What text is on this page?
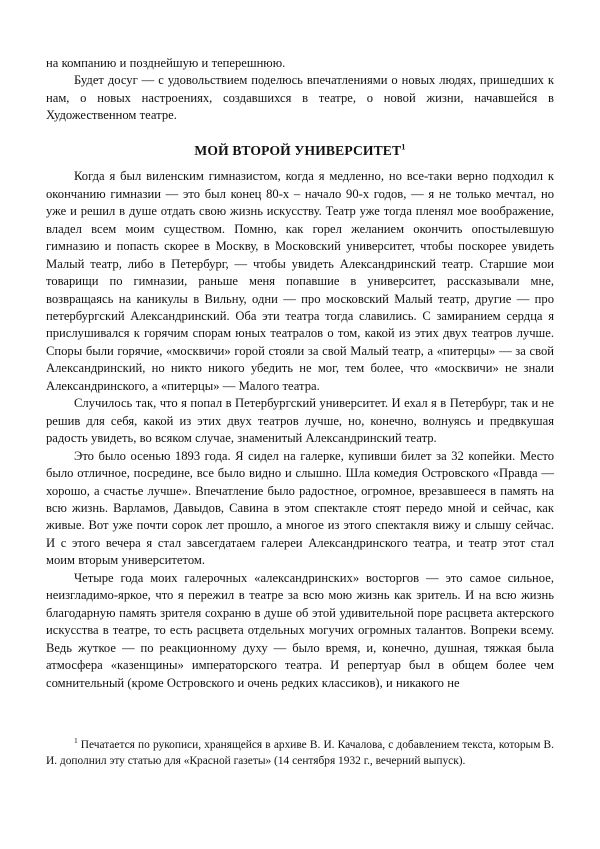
на компанию и позднейшую и теперешнюю.

Будет досуг — с удовольствием поделюсь впечатлениями о новых людях, пришедших к нам, о новых настроениях, создавшихся в театре, о новой жизни, начавшейся в Художественном театре.

МОЙ ВТОРОЙ УНИВЕРСИТЕТ$^1$

Когда я был виленским гимназистом, когда я медленно, но все-таки верно подходил к окончанию гимназии — это был конец 80-х – начало 90-х годов, — я не только мечтал, но уже и решил в душе отдать свою жизнь искусству. Театр уже тогда пленял мое воображение, владел всем моим существом. Помню, как горел желанием окончить опостылевшую гимназию и попасть скорее в Москву, в Московский университет, чтобы поскорее увидеть Малый театр, либо в Петербург, — чтобы увидеть Александринский театр. Старшие мои товарищи по гимназии, раньше меня попавшие в университет, рассказывали мне, возвращаясь на каникулы в Вильну, одни — про московский Малый театр, другие — про петербургский Александринский. Оба эти театра тогда славились. С замиранием сердца я прислушивался к горячим спорам юных театралов о том, какой из этих двух театров лучше. Споры были горячие, «москвичи» горой стояли за свой Малый театр, а «питерцы» — за свой Александринский, но никто никого убедить не мог, тем более, что «москвичи» не знали Александринского, а «питерцы» — Малого театра.

Случилось так, что я попал в Петербургский университет. И ехал я в Петербург, так и не решив для себя, какой из этих двух театров лучше, но, конечно, волнуясь и предвкушая радость увидеть, во всяком случае, знаменитый Александринский театр.

Это было осенью 1893 года. Я сидел на галерке, купивши билет за 32 копейки. Место было отличное, посредине, все было видно и слышно. Шла комедия Островского «Правда — хорошо, а счастье лучше». Впечатление было радостное, огромное, врезавшееся в память на всю жизнь. Варламов, Давыдов, Савина в этом спектакле стоят передо мной и сейчас, как живые. Вот уже почти сорок лет прошло, а многое из этого спектакля вижу и слышу сейчас. И с этого вечера я стал завсегдатаем галереи Александринского театра, и театр этот стал моим вторым университетом.

Четыре года моих галерочных «александринских» восторгов — это самое сильное, неизгладимо-яркое, что я пережил в театре за всю мою жизнь как зритель. И на всю жизнь благодарную память зрителя сохраню в душе об этой удивительной поре расцвета актерского искусства в театре, то есть расцвета отдельных могучих огромных талантов. Вопреки всему. Ведь жуткое — по реакционному духу — было время, и, конечно, душная, тяжкая была атмосфера «казенщины» императорского театра. И репертуар был в общем более чем сомнительный (кроме Островского и очень редких классиков), и никакого не

$^1$ Печатается по рукописи, хранящейся в архиве В. И. Качалова, с добавлением текста, которым В. И. дополнил эту статью для «Красной газеты» (14 сентября 1932 г., вечерний выпуск).
